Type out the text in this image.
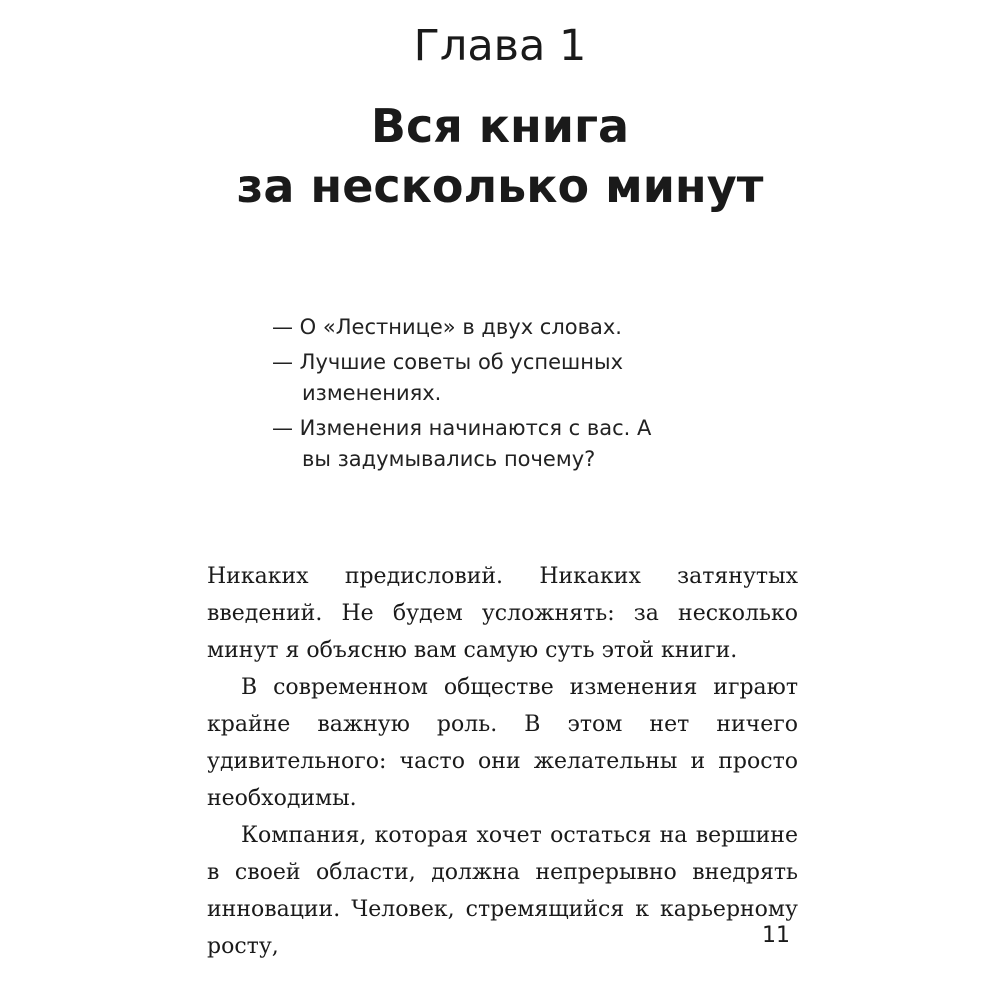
Глава 1
Вся книга
за несколько минут
— О «Лестнице» в двух словах.
— Лучшие советы об успешных изменениях.
— Изменения начинаются с вас. А вы задумывались почему?

Никаких предисловий. Никаких затянутых введений. Не будем усложнять: за несколько минут я объясню вам самую суть этой книги.

В современном обществе изменения играют крайне важную роль. В этом нет ничего удивительного: часто они желательны и просто необходимы.

Компания, которая хочет остаться на вершине в своей области, должна непрерывно внедрять инновации. Человек, стремящийся к карьерному росту,	11
